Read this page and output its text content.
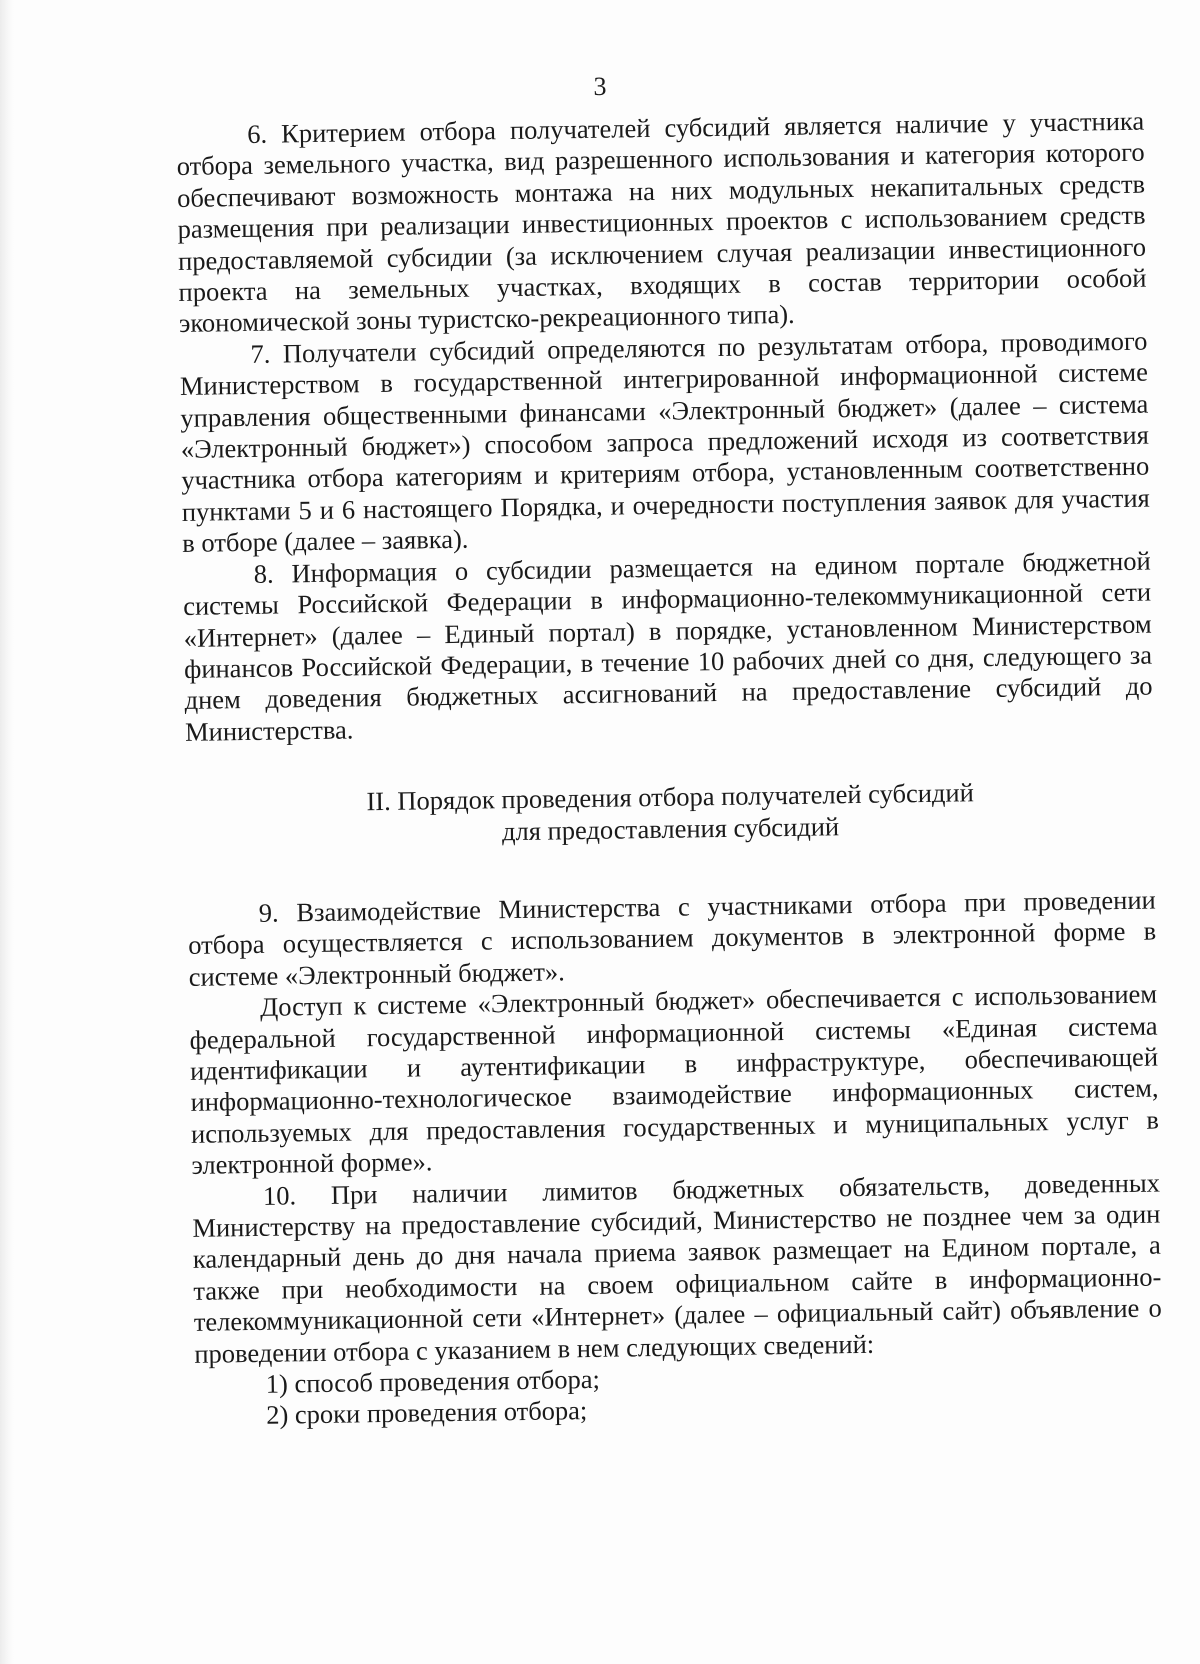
3

6. Критерием отбора получателей субсидий является наличие у участника отбора земельного участка, вид разрешенного использования и категория которого обеспечивают возможность монтажа на них модульных некапитальных средств размещения при реализации инвестиционных проектов с использованием средств предоставляемой субсидии (за исключением случая реализации инвестиционного проекта на земельных участках, входящих в состав территории особой экономической зоны туристско-рекреационного типа).

7. Получатели субсидий определяются по результатам отбора, проводимого Министерством в государственной интегрированной информационной системе управления общественными финансами «Электронный бюджет» (далее – система «Электронный бюджет») способом запроса предложений исходя из соответствия участника отбора категориям и критериям отбора, установленным соответственно пунктами 5 и 6 настоящего Порядка, и очередности поступления заявок для участия в отборе (далее – заявка).

8. Информация о субсидии размещается на едином портале бюджетной системы Российской Федерации в информационно-телекоммуникационной сети «Интернет» (далее – Единый портал) в порядке, установленном Министерством финансов Российской Федерации, в течение 10 рабочих дней со дня, следующего за днем доведения бюджетных ассигнований на предоставление субсидий до Министерства.

II. Порядок проведения отбора получателей субсидий
для предоставления субсидий

9. Взаимодействие Министерства с участниками отбора при проведении отбора осуществляется с использованием документов в электронной форме в системе «Электронный бюджет».

Доступ к системе «Электронный бюджет» обеспечивается с использованием федеральной государственной информационной системы «Единая система идентификации и аутентификации в инфраструктуре, обеспечивающей информационно-технологическое взаимодействие информационных систем, используемых для предоставления государственных и муниципальных услуг в электронной форме».

10. При наличии лимитов бюджетных обязательств, доведенных Министерству на предоставление субсидий, Министерство не позднее чем за один календарный день до дня начала приема заявок размещает на Едином портале, а также при необходимости на своем официальном сайте в информационно-телекоммуникационной сети «Интернет» (далее – официальный сайт) объявление о проведении отбора с указанием в нем следующих сведений:

1) способ проведения отбора;

2) сроки проведения отбора;
